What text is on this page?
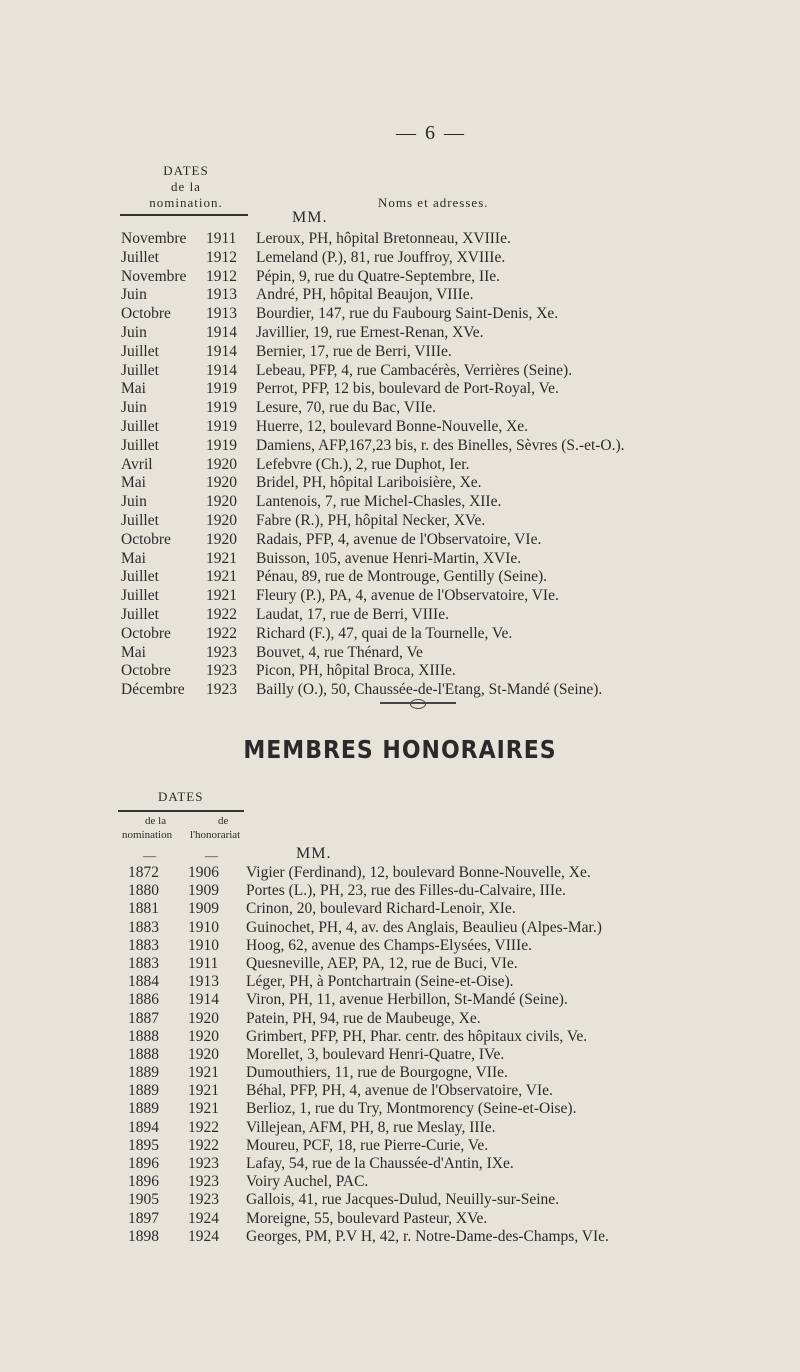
— 6 —
DATES
de la
nomination.	Noms et adresses.
MM.
Novembre 1911 Leroux, PH, hôpital Bretonneau, XVIIIe.
Juillet	1912 Lemeland (P.), 81, rue Jouffroy, XVIIIe.
Novembre 1912 Pépin, 9, rue du Quatre-Septembre, IIe.
Juin	1913 André, PH, hôpital Beaujon, VIIIe.
Octobre 1913 Bourdier, 147, rue du Faubourg Saint-Denis, Xe.
Juin	1914 Javillier, 19, rue Ernest-Renan, XVe.
Juillet	1914 Bernier, 17, rue de Berri, VIIIe.
Juillet	1914 Lebeau, PFP, 4, rue Cambacérès, Verrières (Seine).
Mai	1919 Perrot, PFP, 12 bis, boulevard de Port-Royal, Ve.
Juin	1919 Lesure, 70, rue du Bac, VIIe.
Juillet	1919 Huerre, 12, boulevard Bonne-Nouvelle, Xe.
Juillet	1919 Damiens, AFP,167,23 bis, r. des Binelles, Sèvres (S.-et-O.).
Avril	1920 Lefebvre (Ch.), 2, rue Duphot, Ier.
Mai	1920 Bridel, PH, hôpital Lariboisière, Xe.
Juin	1920 Lantenois, 7, rue Michel-Chasles, XIIe.
Juillet	1920 Fabre (R.), PH, hôpital Necker, XVe.
Octobre 1920 Radais, PFP, 4, avenue de l'Observatoire, VIe.
Mai	1921 Buisson, 105, avenue Henri-Martin, XVIe.
Juillet	1921 Pénau, 89, rue de Montrouge, Gentilly (Seine).
Juillet	1921 Fleury (P.), PA, 4, avenue de l'Observatoire, VIe.
Juillet	1922 Laudat, 17, rue de Berri, VIIIe.
Octobre 1922 Richard (F.), 47, quai de la Tournelle, Ve.
Mai	1923 Bouvet, 4, rue Thénard, Ve
Octobre 1923 Picon, PH, hôpital Broca, XIIIe.
Décembre 1923 Bailly (O.), 50, Chaussée-de-l'Etang, St-Mandé (Seine).
MEMBRES HONORAIRES
DATES
de la	de
nomination l'honorariat
—	—	MM.
1872 1906 Vigier (Ferdinand), 12, boulevard Bonne-Nouvelle, Xe.
1880 1909 Portes (L.), PH, 23, rue des Filles-du-Calvaire, IIIe.
1881 1909 Crinon, 20, boulevard Richard-Lenoir, XIe.
1883 1910 Guinochet, PH, 4, av. des Anglais, Beaulieu (Alpes-Mar.)
1883 1910 Hoog, 62, avenue des Champs-Elysées, VIIIe.
1883 1911 Quesneville, AEP, PA, 12, rue de Buci, VIe.
1884 1913 Léger, PH, à Pontchartrain (Seine-et-Oise).
1886 1914 Viron, PH, 11, avenue Herbillon, St-Mandé (Seine).
1887 1920 Patein, PH, 94, rue de Maubeuge, Xe.
1888 1920 Grimbert, PFP, PH, Phar. centr. des hôpitaux civils, Ve.
1888 1920 Morellet, 3, boulevard Henri-Quatre, IVe.
1889 1921 Dumouthiers, 11, rue de Bourgogne, VIIe.
1889 1921 Béhal, PFP, PH, 4, avenue de l'Observatoire, VIe.
1889 1921 Berlioz, 1, rue du Try, Montmorency (Seine-et-Oise).
1894 1922 Villejean, AFM, PH, 8, rue Meslay, IIIe.
1895 1922 Moureu, PCF, 18, rue Pierre-Curie, Ve.
1896 1923 Lafay, 54, rue de la Chaussée-d'Antin, IXe.
1896 1923 Voiry Auchel, PAC.
1905 1923 Gallois, 41, rue Jacques-Dulud, Neuilly-sur-Seine.
1897 1924 Moreigne, 55, boulevard Pasteur, XVe.
1898 1924 Georges, PM, P.V H, 42, r. Notre-Dame-des-Champs, VIe.
